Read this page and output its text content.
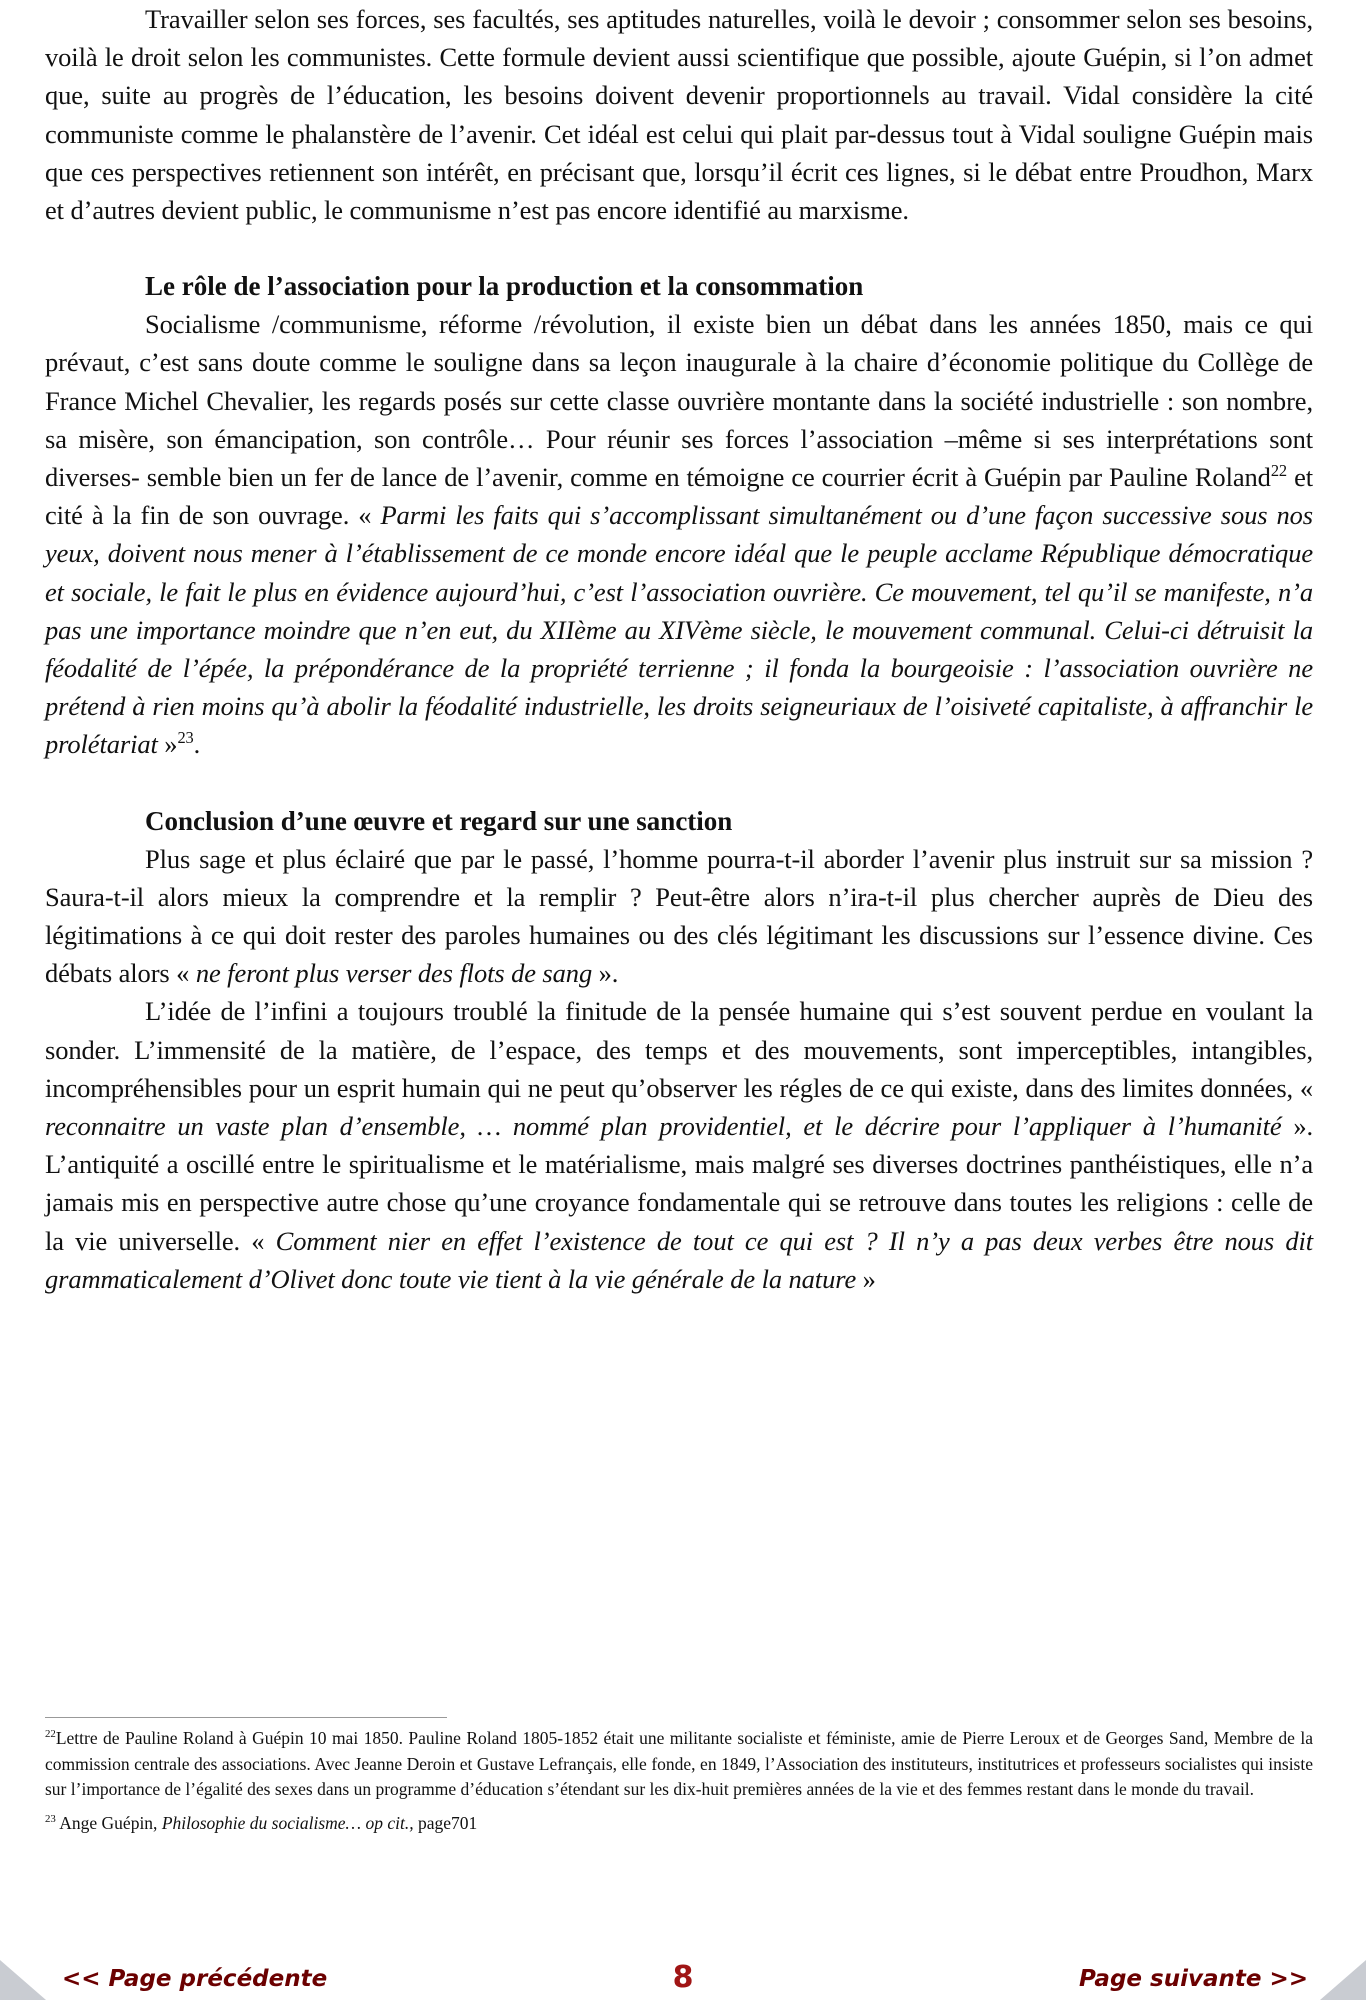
Travailler selon ses forces, ses facultés, ses aptitudes naturelles, voilà le devoir ; consommer selon ses besoins, voilà le droit selon les communistes. Cette formule devient aussi scientifique que possible, ajoute Guépin, si l’on admet que, suite au progrès de l’éducation, les besoins doivent devenir proportionnels au travail. Vidal considère la cité communiste comme le phalanstère de l’avenir. Cet idéal est celui qui plait par-dessus tout à Vidal souligne Guépin mais que ces perspectives retiennent son intérêt, en précisant que, lorsqu’il écrit ces lignes, si le débat entre Proudhon, Marx et d’autres devient public, le communisme n’est pas encore identifié au marxisme.

Le rôle de l’association pour la production et la consommation

Socialisme /communisme, réforme /révolution, il existe bien un débat dans les années 1850, mais ce qui prévaut, c’est sans doute comme le souligne dans sa leçon inaugurale à la chaire d’économie politique du Collège de France Michel Chevalier, les regards posés sur cette classe ouvrière montante dans la société industrielle : son nombre, sa misère, son émancipation, son contrôle… Pour réunir ses forces l’association –même si ses interprétations sont diverses- semble bien un fer de lance de l’avenir, comme en témoigne ce courrier écrit à Guépin par Pauline Roland$^{22}$ et cité à la fin de son ouvrage. « Parmi les faits qui s’accomplissant simultanément ou d’une façon successive sous nos yeux, doivent nous mener à l’établissement de ce monde encore idéal que le peuple acclame République démocratique et sociale, le fait le plus en évidence aujourd’hui, c’est l’association ouvrière. Ce mouvement, tel qu’il se manifeste, n’a pas une importance moindre que n’en eut, du XIIème au XIVème siècle, le mouvement communal. Celui-ci détruisit la féodalité de l’épée, la prépondérance de la propriété terrienne ; il fonda la bourgeoisie : l’association ouvrière ne prétend à rien moins qu’à abolir la féodalité industrielle, les droits seigneuriaux de l’oisiveté capitaliste, à affranchir le prolétariat »$^{23}$.

Conclusion d’une œuvre et regard sur une sanction

Plus sage et plus éclairé que par le passé, l’homme pourra-t-il aborder l’avenir plus instruit sur sa mission ? Saura-t-il alors mieux la comprendre et la remplir ? Peut-être alors n’ira-t-il plus chercher auprès de Dieu des légitimations à ce qui doit rester des paroles humaines ou des clés légitimant les discussions sur l’essence divine. Ces débats alors « ne feront plus verser des flots de sang ».

L’idée de l’infini a toujours troublé la finitude de la pensée humaine qui s’est souvent perdue en voulant la sonder. L’immensité de la matière, de l’espace, des temps et des mouvements, sont imperceptibles, intangibles, incompréhensibles pour un esprit humain qui ne peut qu’observer les régles de ce qui existe, dans des limites données, « reconnaitre un vaste plan d’ensemble, … nommé plan providentiel, et le décrire pour l’appliquer à l’humanité ». L’antiquité a oscillé entre le spiritualisme et le matérialisme, mais malgré ses diverses doctrines panthéistiques, elle n’a jamais mis en perspective autre chose qu’une croyance fondamentale qui se retrouve dans toutes les religions : celle de la vie universelle. « Comment nier en effet l’existence de tout ce qui est ? Il n’y a pas deux verbes être nous dit grammaticalement d’Olivet donc toute vie tient à la vie générale de la nature »

$^{22}$Lettre de Pauline Roland à Guépin 10 mai 1850. Pauline Roland 1805-1852 était une militante socialiste et féministe, amie de Pierre Leroux et de Georges Sand, Membre de la commission centrale des associations. Avec Jeanne Deroin et Gustave Lefrançais, elle fonde, en 1849, l’Association des instituteurs, institutrices et professeurs socialistes qui insiste sur l’importance de l’égalité des sexes dans un programme d’éducation s’étendant sur les dix-huit premières années de la vie et des femmes restant dans le monde du travail.

$^{23}$ Ange Guépin, Philosophie du socialisme… op cit., page701

<< Page précédente	8	Page suivante >>
